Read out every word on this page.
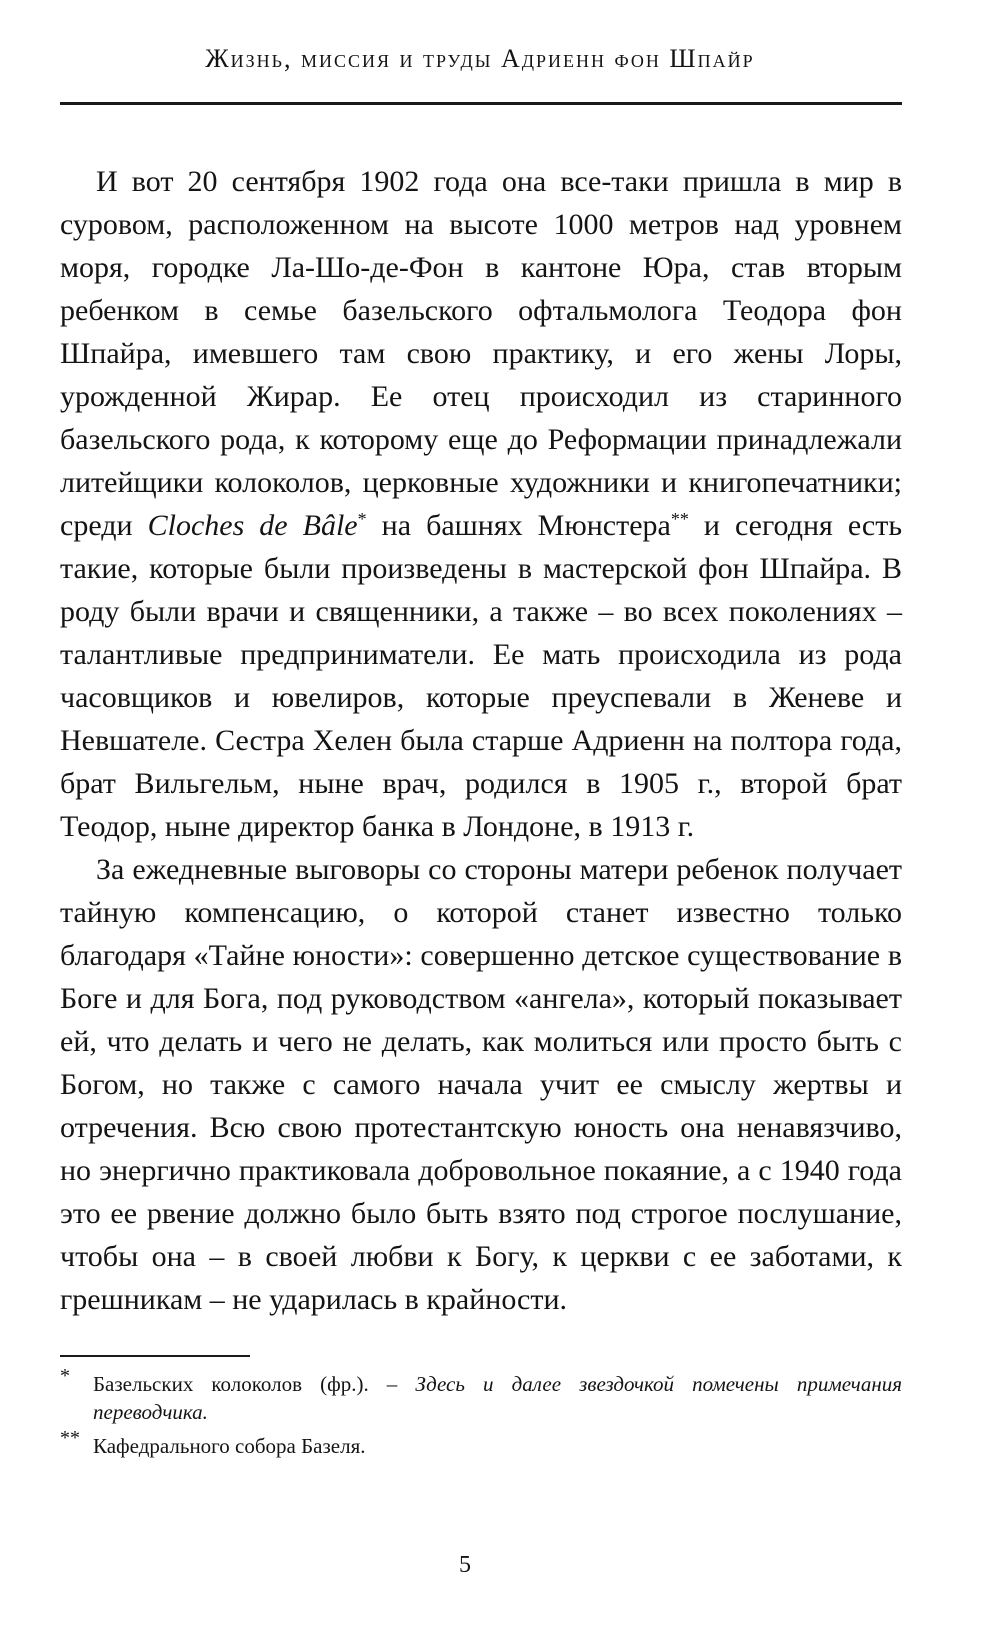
Жизнь, миссия и труды Адриенн фон Шпайр

И вот 20 сентября 1902 года она все-таки пришла в мир в суровом, расположенном на высоте 1000 метров над уровнем моря, городке Ла-Шо-де-Фон в кантоне Юра, став вторым ребенком в семье базельского офтальмолога Теодора фон Шпайра, имевшего там свою практику, и его жены Лоры, урожденной Жирар. Ее отец происходил из старинного базельского рода, к которому еще до Реформации принадлежали литейщики колоколов, церковные художники и книгопечатники; среди Cloches de Bâle* на башнях Мюнстера** и сегодня есть такие, которые были произведены в мастерской фон Шпайра. В роду были врачи и священники, а также – во всех поколениях – талантливые предприниматели. Ее мать происходила из рода часовщиков и ювелиров, которые преуспевали в Женеве и Невшателе. Сестра Хелен была старше Адриенн на полтора года, брат Вильгельм, ныне врач, родился в 1905 г., второй брат Теодор, ныне директор банка в Лондоне, в 1913 г.

За ежедневные выговоры со стороны матери ребенок получает тайную компенсацию, о которой станет известно только благодаря «Тайне юности»: совершенно детское существование в Боге и для Бога, под руководством «ангела», который показывает ей, что делать и чего не делать, как молиться или просто быть с Богом, но также с самого начала учит ее смыслу жертвы и отречения. Всю свою протестантскую юность она ненавязчиво, но энергично практиковала добровольное покаяние, а с 1940 года это ее рвение должно было быть взято под строгое послушание, чтобы она – в своей любви к Богу, к церкви с ее заботами, к грешникам – не ударилась в крайности.

* Базельских колоколов (фр.). – Здесь и далее звездочкой помечены примечания переводчика.
** Кафедрального собора Базеля.
5
